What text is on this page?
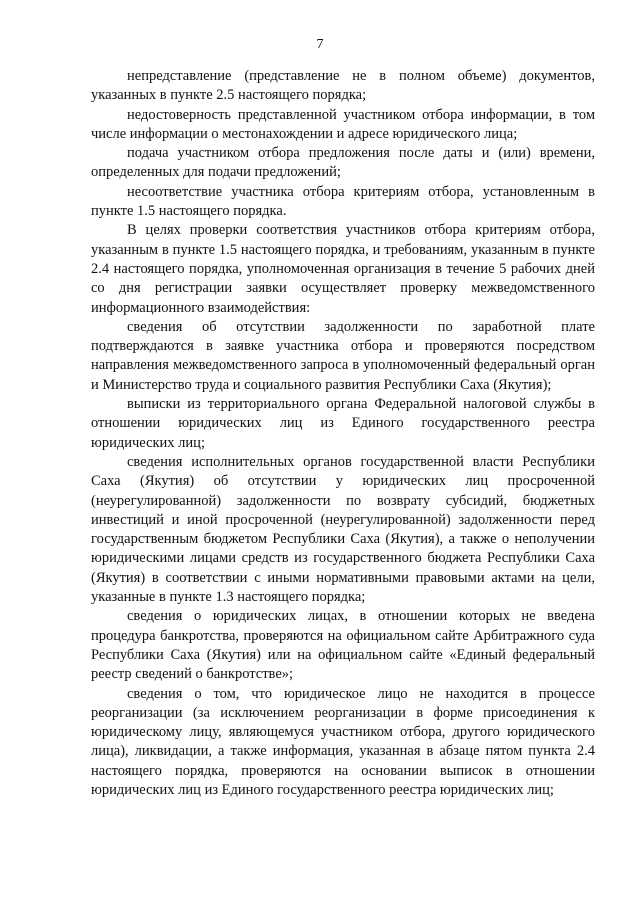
7

непредставление (представление не в полном объеме) документов, указанных в пункте 2.5 настоящего порядка;

недостоверность представленной участником отбора информации, в том числе информации о местонахождении и адресе юридического лица;

подача участником отбора предложения после даты и (или) времени, определенных для подачи предложений;

несоответствие участника отбора критериям отбора, установленным в пункте 1.5 настоящего порядка.

В целях проверки соответствия участников отбора критериям отбора, указанным в пункте 1.5 настоящего порядка, и требованиям, указанным в пункте 2.4 настоящего порядка, уполномоченная организация в течение 5 рабочих дней со дня регистрации заявки осуществляет проверку межведомственного информационного взаимодействия:

сведения об отсутствии задолженности по заработной плате подтверждаются в заявке участника отбора и проверяются посредством направления межведомственного запроса в уполномоченный федеральный орган и Министерство труда и социального развития Республики Саха (Якутия);

выписки из территориального органа Федеральной налоговой службы в отношении юридических лиц из Единого государственного реестра юридических лиц;

сведения исполнительных органов государственной власти Республики Саха (Якутия) об отсутствии у юридических лиц просроченной (неурегулированной) задолженности по возврату субсидий, бюджетных инвестиций и иной просроченной (неурегулированной) задолженности перед государственным бюджетом Республики Саха (Якутия), а также о неполучении юридическими лицами средств из государственного бюджета Республики Саха (Якутия) в соответствии с иными нормативными правовыми актами на цели, указанные в пункте 1.3 настоящего порядка;

сведения о юридических лицах, в отношении которых не введена процедура банкротства, проверяются на официальном сайте Арбитражного суда Республики Саха (Якутия) или на официальном сайте «Единый федеральный реестр сведений о банкротстве»;

сведения о том, что юридическое лицо не находится в процессе реорганизации (за исключением реорганизации в форме присоединения к юридическому лицу, являющемуся участником отбора, другого юридического лица), ликвидации, а также информация, указанная в абзаце пятом пункта 2.4 настоящего порядка, проверяются на основании выписок в отношении юридических лиц из Единого государственного реестра юридических лиц;
